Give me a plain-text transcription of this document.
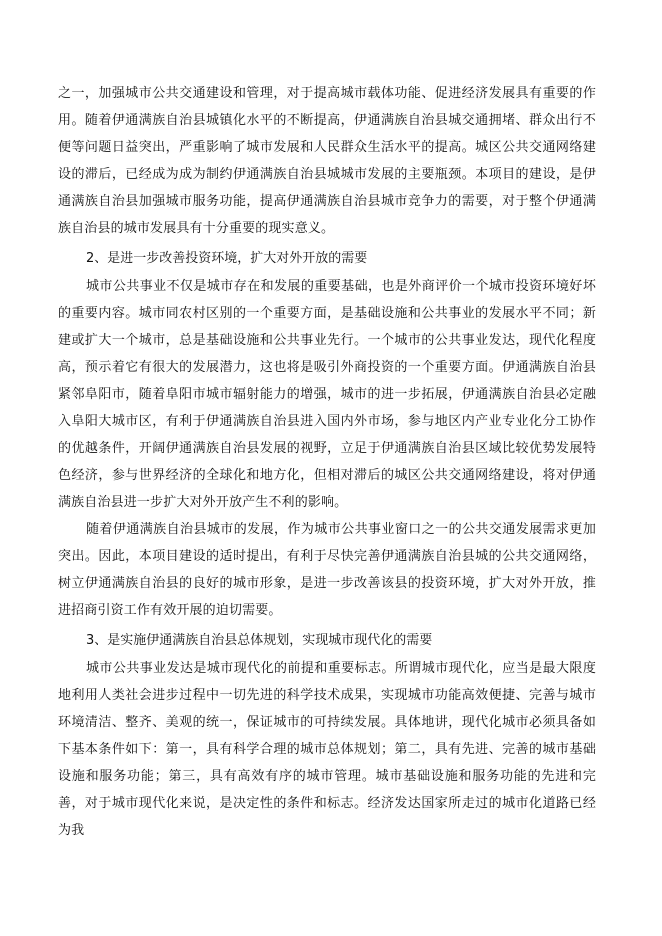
之一，加强城市公共交通建设和管理，对于提高城市载体功能、促进经济发展具有重要的作用。随着伊通满族自治县城镇化水平的不断提高，伊通满族自治县城交通拥堵、群众出行不便等问题日益突出，严重影响了城市发展和人民群众生活水平的提高。城区公共交通网络建设的滞后，已经成为成为制约伊通满族自治县城城市发展的主要瓶颈。本项目的建设，是伊通满族自治县加强城市服务功能，提高伊通满族自治县城市竞争力的需要，对于整个伊通满族自治县的城市发展具有十分重要的现实意义。

2、是进一步改善投资环境，扩大对外开放的需要

城市公共事业不仅是城市存在和发展的重要基础，也是外商评价一个城市投资环境好坏的重要内容。城市同农村区别的一个重要方面，是基础设施和公共事业的发展水平不同；新建或扩大一个城市，总是基础设施和公共事业先行。一个城市的公共事业发达，现代化程度高，预示着它有很大的发展潜力，这也将是吸引外商投资的一个重要方面。伊通满族自治县紧邻阜阳市，随着阜阳市城市辐射能力的增强，城市的进一步拓展，伊通满族自治县必定融入阜阳大城市区，有利于伊通满族自治县进入国内外市场，参与地区内产业专业化分工协作的优越条件，开阔伊通满族自治县发展的视野，立足于伊通满族自治县区域比较优势发展特色经济，参与世界经济的全球化和地方化，但相对滞后的城区公共交通网络建设，将对伊通满族自治县进一步扩大对外开放产生不利的影响。

随着伊通满族自治县城市的发展，作为城市公共事业窗口之一的公共交通发展需求更加突出。因此，本项目建设的适时提出，有利于尽快完善伊通满族自治县城的公共交通网络，树立伊通满族自治县的良好的城市形象，是进一步改善该县的投资环境，扩大对外开放，推进招商引资工作有效开展的迫切需要。

3、是实施伊通满族自治县总体规划，实现城市现代化的需要

城市公共事业发达是城市现代化的前提和重要标志。所谓城市现代化，应当是最大限度地利用人类社会进步过程中一切先进的科学技术成果，实现城市功能高效便捷、完善与城市环境清洁、整齐、美观的统一，保证城市的可持续发展。具体地讲，现代化城市必须具备如下基本条件如下：第一，具有科学合理的城市总体规划；第二，具有先进、完善的城市基础设施和服务功能；第三，具有高效有序的城市管理。城市基础设施和服务功能的先进和完善，对于城市现代化来说，是决定性的条件和标志。经济发达国家所走过的城市化道路已经为我
